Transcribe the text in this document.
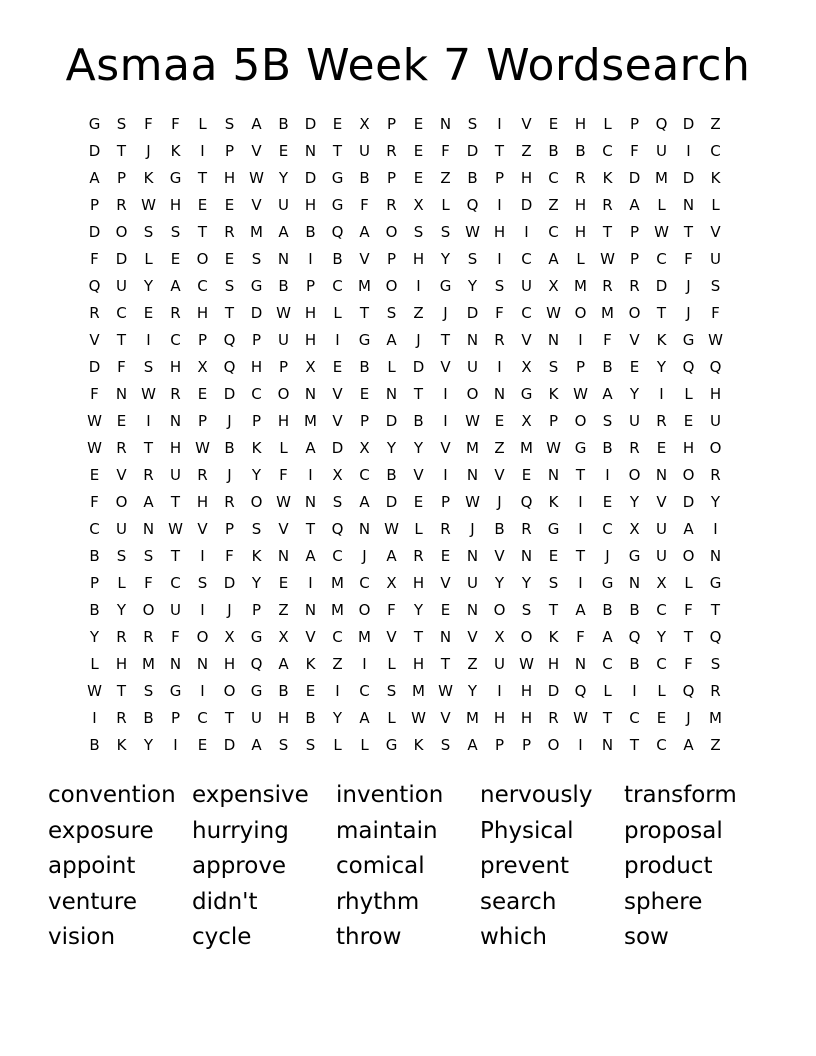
Asmaa 5B Week 7 Wordsearch
G	S	F	F	L	S	A	B	D	E	X	P	E	N	S	I	V	E	H	L	P	Q	D	Z
D	T	J	K	I	P	V	E	N	T	U	R	E	F	D	T	Z	B	B	C	F	U	I	C
A	P	K	G	T	H W Y	D	G	B	P	E	Z	B	P	H	C	R	K	D M D	K
P	R W H	E	E	V	U	H	G	F	R	X	L	Q	I	D	Z	H	R	A	L	N	L
D	O	S	S	T	R	M	A	B	Q	A	O	S	S W H	I	C	H	T	P	W T	V
F	D	L	E	O	E	S	N	I	B	V	P	H	Y	S	I	C	A	L	W	P	C	F	U
Q	U	Y	A	C	S	G	B	P	C	M O	I	G	Y	S	U	X	M	R	R	D	J	S
R	C	E	R	H	T	D W H	L	T	S	Z	J	D	F	C W O M O	T	J	F
V	T	I	C	P	Q	P	U	H	I	G	A	J	T	N	R	V	N	I	F	V	K	G W
D	F	S	H	X	Q	H	P	X	E	B	L	D	V	U	I	X	S	P	B	E	Y	Q	Q
F	N W R	E	D	C	O	N	V	E	N	T	I	O	N	G	K W A	Y	I	L	H
W E	I	N	P	J	P	H M	V	P	D	B	I	W E	X	P	O	S	U	R	E	U
W R	T	H W B	K	L	A	D	X	Y	Y	V	M	Z	M W G	B	R	E	H	O
E	V	R	U	R	J	Y	F	I	X	C	B	V	I	N	V	E	N	T	I	O	N	O	R
F	O	A	T	H	R	O W N	S	A	D	E	P	W	J	Q	K	I	E	Y	V	D	Y
C	U	N W V	P	S	V	T	Q	N W	L	R	J	B	R	G	I	C	X	U	A	I
B	S	S	T	I	F	K	N	A	C	J	A	R	E	N	V	N	E	T	J	G	U	O	N
P	L	F	C	S	D	Y	E	I	M	C	X	H	V	U	Y	Y	S	I	G	N	X	L	G
B	Y	O	U	I	J	P	Z	N M O	F	Y	E	N	O	S	T	A	B	B	C	F	T
Y	R	R	F	O	X	G	X	V	C	M	V	T	N	V	X	O	K	F	A	Q	Y	T	Q
L	H M N	N	H	Q	A	K	Z	I	L	H	T	Z	U W H	N	C	B	C	F	S
W T	S	G	I	O	G	B	E	I	C	S	M W Y	I	H	D	Q	L	I	L	Q	R
I	R	B	P	C	T	U	H	B	Y	A	L	W V	M H	H	R W T	C	E	J	M
B	K	Y	I	E	D	A	S	S	L	L	G	K	S	A	P	P	O	I	N	T	C	A	Z
convention expensive	invention	nervously	transform
exposure	hurrying	maintain	Physical	proposal
appoint	approve	comical	prevent	product
venture	didn't	rhythm	search	sphere
vision	cycle	throw	which	sow
